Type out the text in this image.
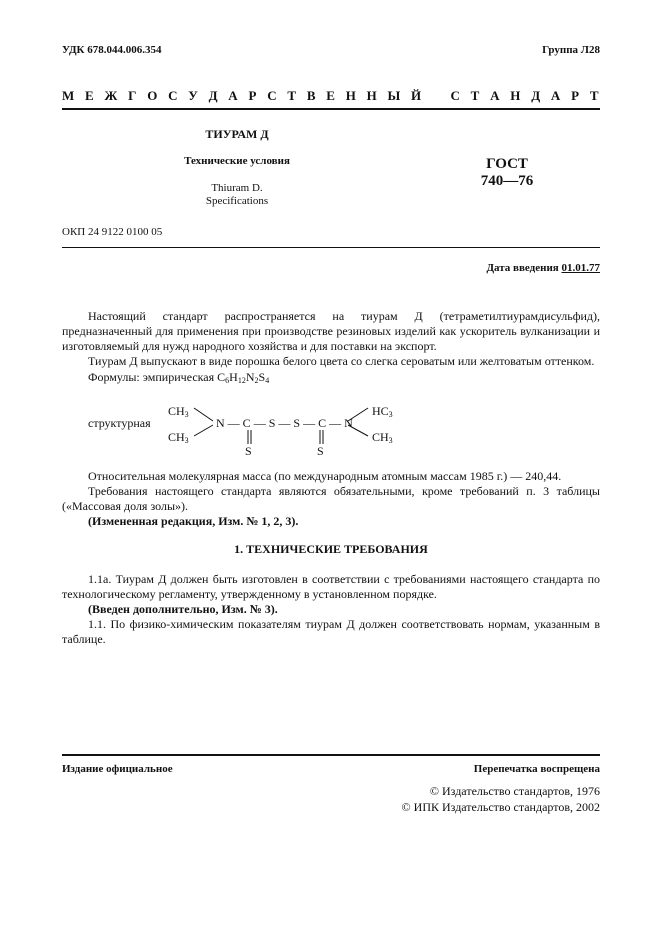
УДК 678.044.006.354	Группа Л28
М Е Ж Г О С У Д А Р С Т В Е Н Н Ы Й   С Т А Н Д А Р Т
ТИУРАМ Д
Технические условия
Thiuram D.
Specifications
ГОСТ
740—76
ОКП 24 9122 0100 05
Дата введения 01.01.77

Настоящий стандарт распространяется на тиурам Д (тетраметилтиурамдисульфид), предназначенный для применения при производстве резиновых изделий как ускоритель вулканизации и изготовляемый для нужд народного хозяйства и для поставки на экспорт.

Тиурам Д выпускают в виде порошка белого цвета со слегка сероватым или желтоватым оттенком.

Формулы: эмпирическая $C_6H_{12}N_2S_4$

структурная
$CH_3$
$CH_3$
$HC_3$
$CH_3$
N — C — S — S — C — N
S	S

Относительная молекулярная масса (по международным атомным массам 1985 г.) — 240,44.

Требования настоящего стандарта являются обязательными, кроме требований п. 3 таблицы («Массовая доля золы»).

(Измененная редакция, Изм. № 1, 2, 3).

1. ТЕХНИЧЕСКИЕ ТРЕБОВАНИЯ

1.1а. Тиурам Д должен быть изготовлен в соответствии с требованиями настоящего стандарта по технологическому регламенту, утвержденному в установленном порядке.

(Введен дополнительно, Изм. № 3).

1.1. По физико-химическим показателям тиурам Д должен соответствовать нормам, указанным в таблице.

Издание официальное	Перепечатка воспрещена
© Издательство стандартов, 1976
© ИПК Издательство стандартов, 2002
